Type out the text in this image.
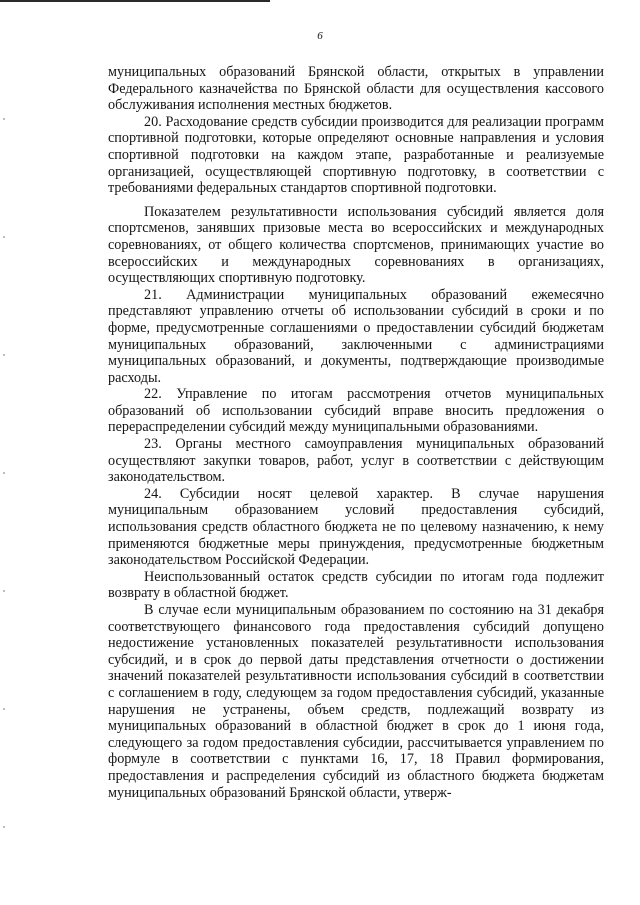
6

муниципальных образований Брянской области, открытых в управлении Федерального казначейства по Брянской области для осуществления кассового обслуживания исполнения местных бюджетов.

20. Расходование средств субсидии производится для реализации программ спортивной подготовки, которые определяют основные направления и условия спортивной подготовки на каждом этапе, разработанные и реализуемые организацией, осуществляющей спортивную подготовку, в соответствии с требованиями федеральных стандартов спортивной подготовки.

Показателем результативности использования субсидий является доля спортсменов, занявших призовые места во всероссийских и международных соревнованиях, от общего количества спортсменов, принимающих участие во всероссийских и международных соревнованиях в организациях, осуществляющих спортивную подготовку.

21. Администрации муниципальных образований ежемесячно представляют управлению отчеты об использовании субсидий в сроки и по форме, предусмотренные соглашениями о предоставлении субсидий бюджетам муниципальных образований, заключенными с администрациями муниципальных образований, и документы, подтверждающие производимые расходы.

22. Управление по итогам рассмотрения отчетов муниципальных образований об использовании субсидий вправе вносить предложения о перераспределении субсидий между муниципальными образованиями.

23. Органы местного самоуправления муниципальных образований осуществляют закупки товаров, работ, услуг в соответствии с действующим законодательством.

24. Субсидии носят целевой характер. В случае нарушения муниципальным образованием условий предоставления субсидий, использования средств областного бюджета не по целевому назначению, к нему применяются бюджетные меры принуждения, предусмотренные бюджетным законодательством Российской Федерации.

Неиспользованный остаток средств субсидии по итогам года подлежит возврату в областной бюджет.

В случае если муниципальным образованием по состоянию на 31 декабря соответствующего финансового года предоставления субсидий допущено недостижение установленных показателей результативности использования субсидий, и в срок до первой даты представления отчетности о достижении значений показателей результативности использования субсидий в соответствии с соглашением в году, следующем за годом предоставления субсидий, указанные нарушения не устранены, объем средств, подлежащий возврату из муниципальных образований в областной бюджет в срок до 1 июня года, следующего за годом предоставления субсидии, рассчитывается управлением по формуле в соответствии с пунктами 16, 17, 18 Правил формирования, предоставления и распределения субсидий из областного бюджета бюджетам муниципальных образований Брянской области, утверж-
